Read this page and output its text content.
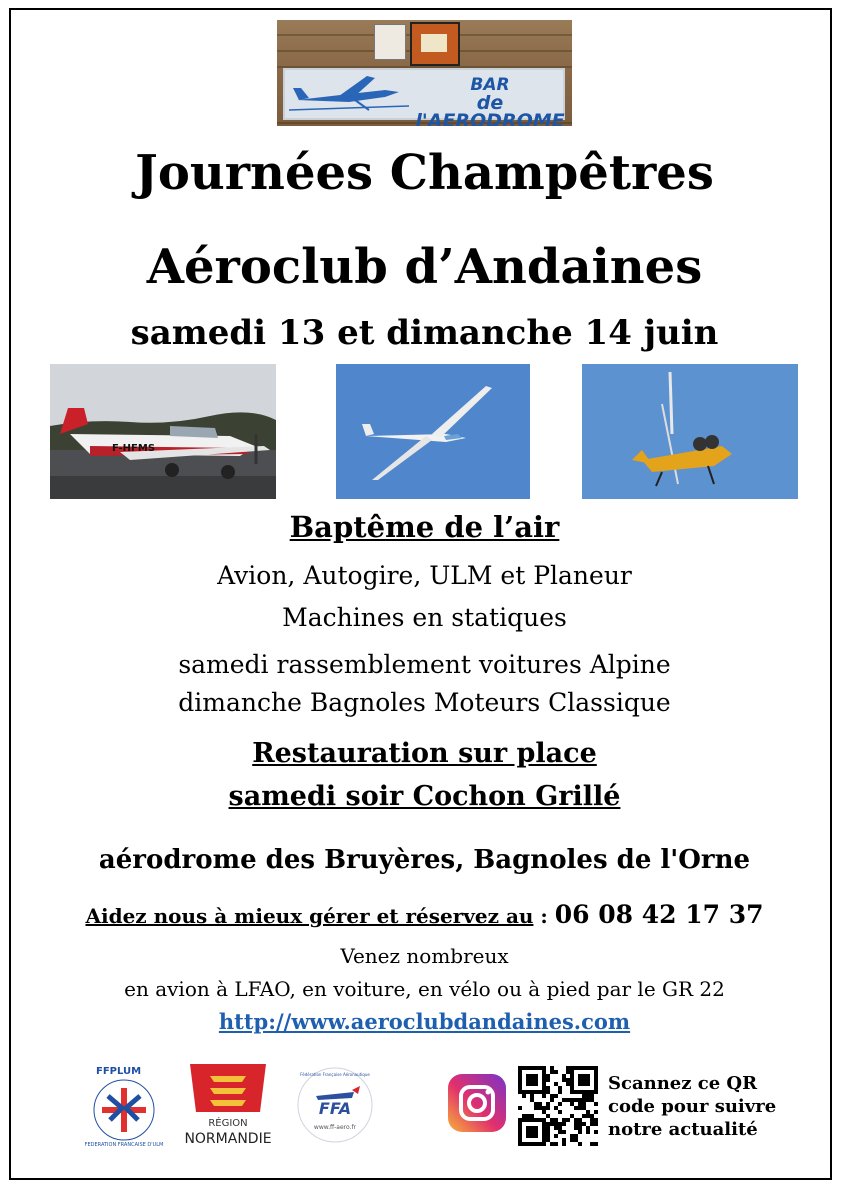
BAR
de l'AERODROME
Journées Champêtres
Aéroclub d’Andaines
samedi 13 et dimanche 14 juin
F-HFMS
Baptême de l’air
Avion, Autogire, ULM et Planeur
Machines en statiques
samedi rassemblement voitures Alpine
dimanche Bagnoles Moteurs Classique
Restauration sur place
samedi soir Cochon Grillé
aérodrome des Bruyères, Bagnoles de l'Orne
Aidez nous à mieux gérer et réservez au : 06 08 42 17 37
Venez nombreux
en avion à LFAO, en voiture, en vélo ou à pied par le GR 22
http://www.aeroclubdandaines.com
FFPLUM
FEDERATION FRANCAISE D'ULM
RÉGION
NORMANDIE
Fédération Française Aéronautique
FFA
www.ff-aero.fr
Scannez ce QR
code pour suivre
notre actualité
